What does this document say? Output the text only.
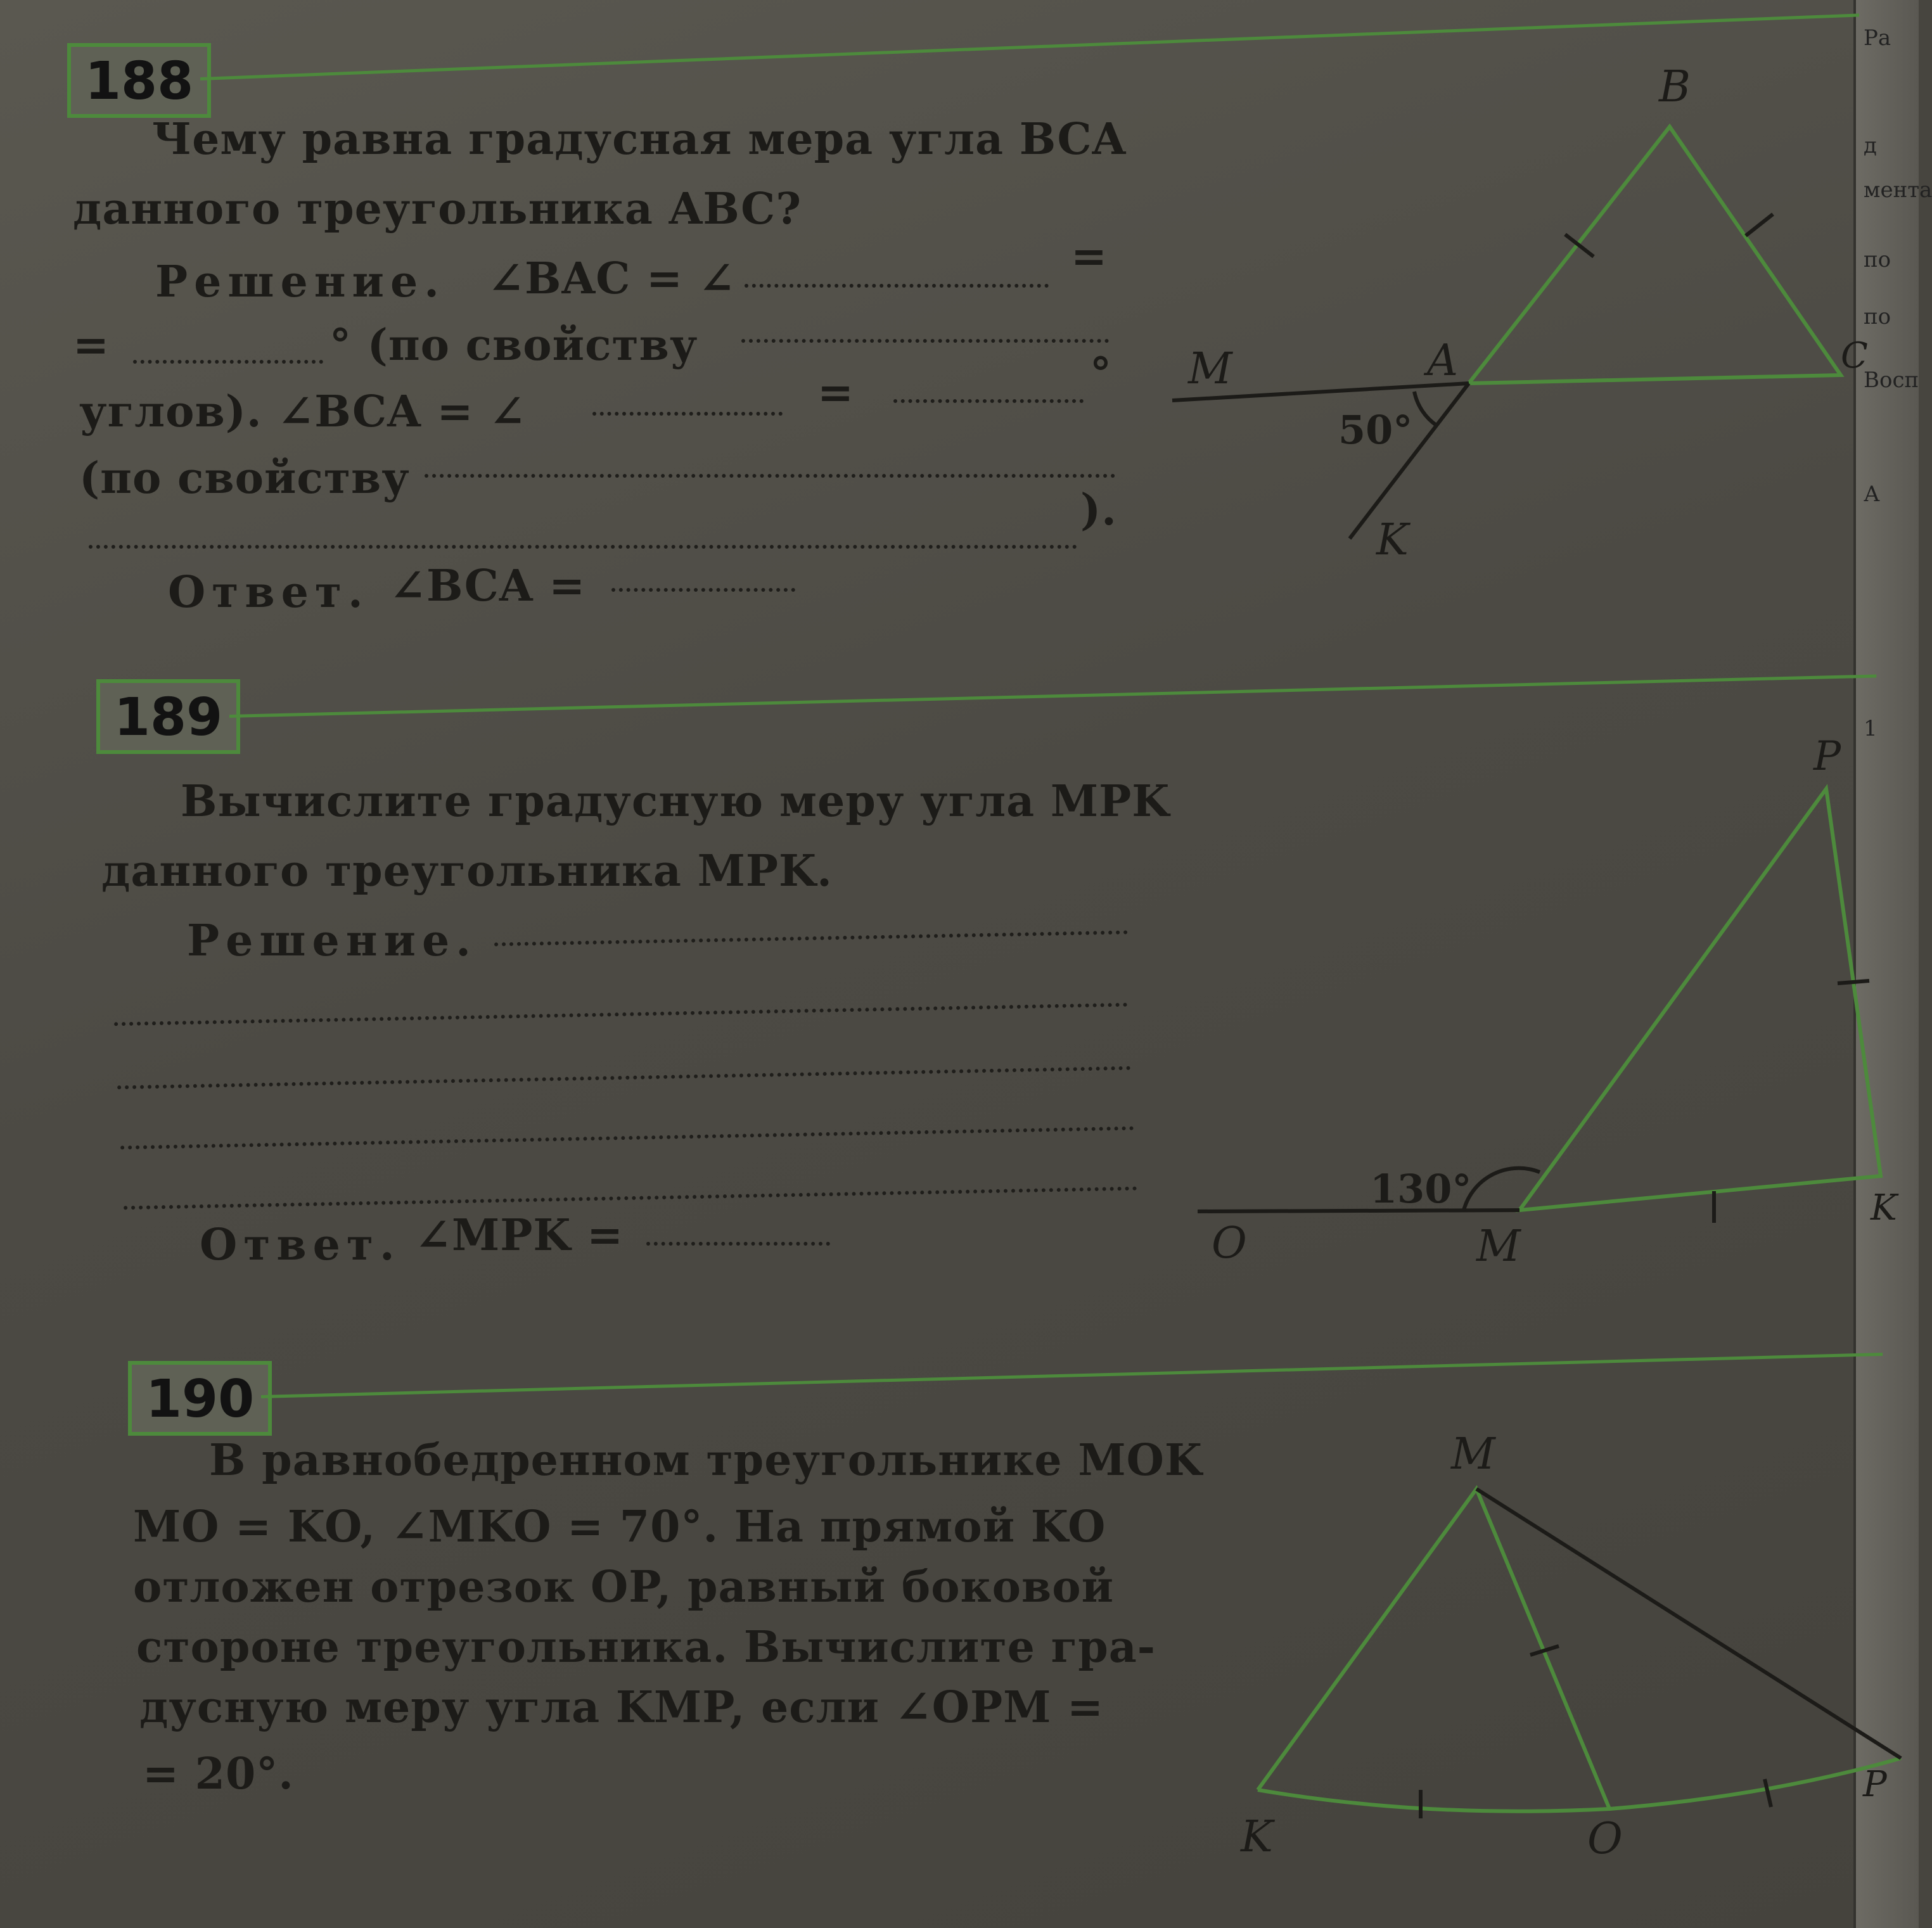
Ра
д
мента
по
по
Восп
А
1
188
Чему равна градусная мера угла BCA
данного треугольника ABC?
Решение. ∠BAC = ∠	=
=	° (по свойству
углов). ∠BCA = ∠	=	°
(по свойству
).
Ответ. ∠BCA =
189
Вычислите градусную меру угла MPK
данного треугольника MPK.
Решение.
Ответ. ∠MPK =
190
В равнобедренном треугольнике MOK
MO = KO, ∠MKO = 70°. На прямой KO
отложен отрезок OP, равный боковой
стороне треугольника. Вычислите гра-
дусную меру угла KMP, если ∠OPM =
= 20°.
B
A	C
M
K
50°
P
O	M
K
130°
M
K	O
P
